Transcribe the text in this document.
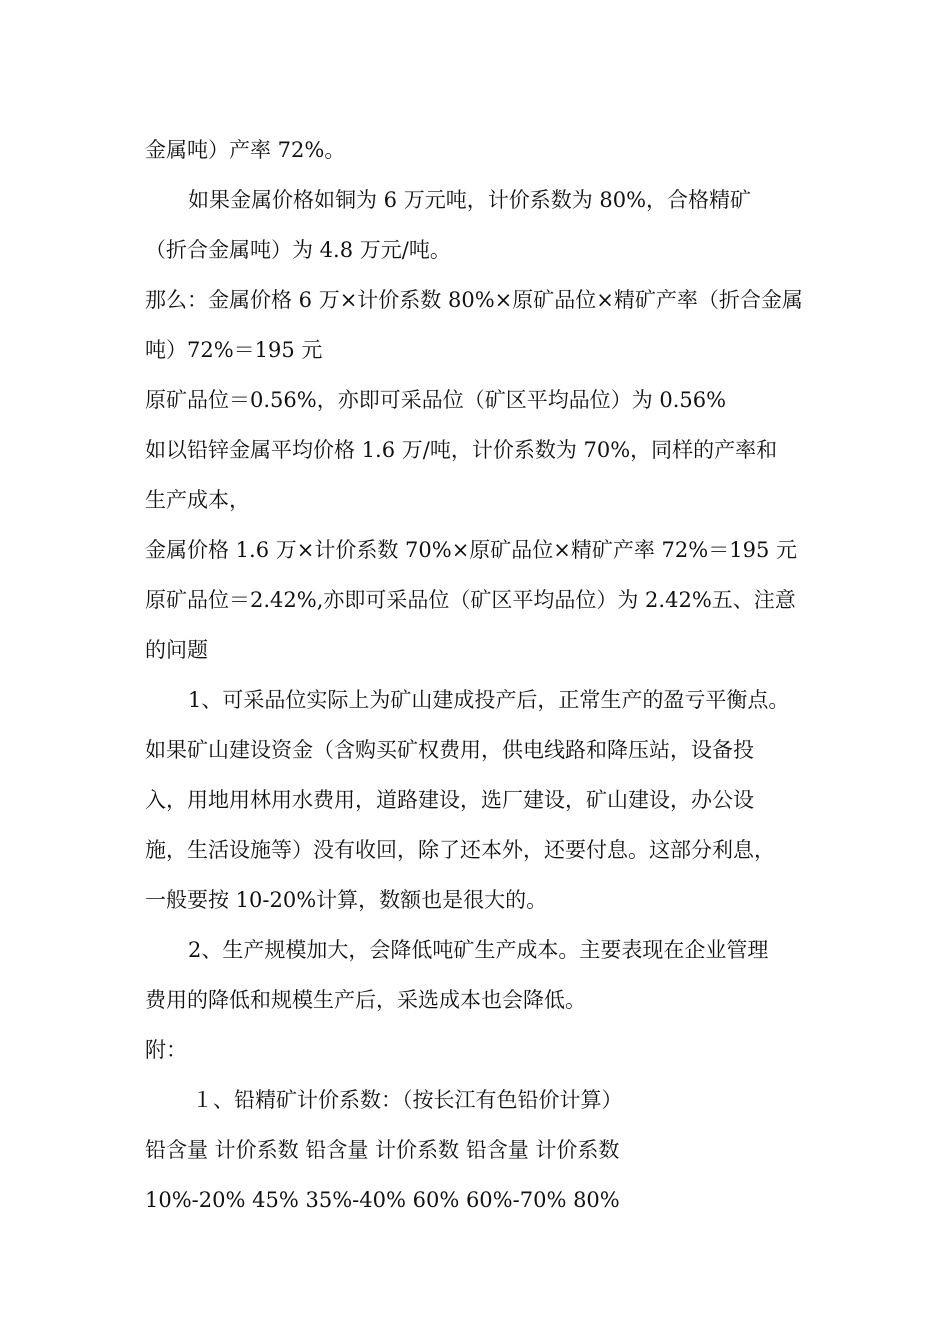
金属吨）产率 72%。
如果金属价格如铜为 6 万元吨，计价系数为 80%，合格精矿
（折合金属吨）为 4.8 万元/吨。
那么：金属价格 6 万×计价系数 80%×原矿品位×精矿产率（折合金属
吨）72%＝195 元
原矿品位＝0.56%，亦即可采品位（矿区平均品位）为 0.56%
如以铅锌金属平均价格 1.6 万/吨，计价系数为 70%，同样的产率和
生产成本，
金属价格 1.6 万×计价系数 70%×原矿品位×精矿产率 72%＝195 元
原矿品位＝2.42%,亦即可采品位（矿区平均品位）为 2.42%五、注意
的问题
1、可采品位实际上为矿山建成投产后，正常生产的盈亏平衡点。
如果矿山建设资金（含购买矿权费用，供电线路和降压站，设备投
入，用地用林用水费用，道路建设，选厂建设，矿山建设，办公设
施，生活设施等）没有收回，除了还本外，还要付息。这部分利息，
一般要按 10-20%计算，数额也是很大的。
2、生产规模加大，会降低吨矿生产成本。主要表现在企业管理
费用的降低和规模生产后，采选成本也会降低。
附：
１、铅精矿计价系数：（按长江有色铅价计算）
铅含量 计价系数 铅含量 计价系数 铅含量 计价系数
10%-20% 45% 35%-40% 60% 60%-70% 80%
